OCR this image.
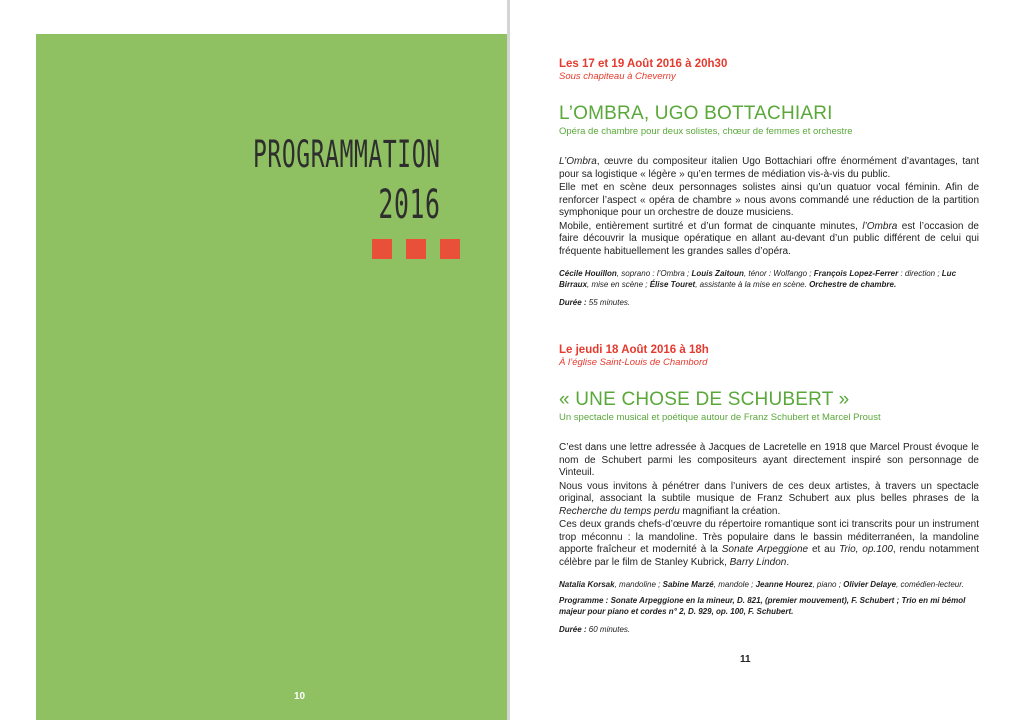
PROGRAMMATION
2016
10

Les 17 et 19 Août 2016 à 20h30

Sous chapiteau à Cheverny

L’OMBRA, UGO BOTTACHIARI

Opéra de chambre pour deux solistes, chœur de femmes et orchestre

L’Ombra, œuvre du compositeur italien Ugo Bottachiari offre énormément d’avantages, tant pour sa logistique « légère » qu’en termes de médiation vis-à-vis du public.

Elle met en scène deux personnages solistes ainsi qu’un quatuor vocal féminin. Afin de renforcer l’aspect « opéra de chambre » nous avons commandé une réduction de la partition symphonique pour un orchestre de douze musiciens.

Mobile, entièrement surtitré et d’un format de cinquante minutes, l’Ombra est l’occasion de faire découvrir la musique opératique en allant au-devant d’un public différent de celui qui fréquente habituellement les grandes salles d’opéra.

Cécile Houillon, soprano : l’Ombra ; Louis Zaitoun, ténor : Wolfango ; François Lopez-Ferrer : direction ; Luc Birraux, mise en scène ; Élise Touret, assistante à la mise en scène. Orchestre de chambre.

Durée : 55 minutes.

Le jeudi 18 Août 2016 à 18h

À l’église Saint-Louis de Chambord

« UNE CHOSE DE SCHUBERT »

Un spectacle musical et poétique autour de Franz Schubert et Marcel Proust

C’est dans une lettre adressée à Jacques de Lacretelle en 1918 que Marcel Proust évoque le nom de Schubert parmi les compositeurs ayant directement inspiré son personnage de Vinteuil.

Nous vous invitons à pénétrer dans l’univers de ces deux artistes, à travers un spectacle original, associant la subtile musique de Franz Schubert aux plus belles phrases de la Recherche du temps perdu magnifiant la création.

Ces deux grands chefs-d’œuvre du répertoire romantique sont ici transcrits pour un instrument trop méconnu : la mandoline. Très populaire dans le bassin méditerranéen, la mandoline apporte fraîcheur et modernité à la Sonate Arpeggione et au Trio, op.100, rendu notamment célèbre par le film de Stanley Kubrick, Barry Lindon.

Natalia Korsak, mandoline ; Sabine Marzé, mandole ; Jeanne Hourez, piano ; Olivier Delaye, comédien-lecteur.

Programme : Sonate Arpeggione en la mineur, D. 821, (premier mouvement), F. Schubert ; Trio en mi bémol majeur pour piano et cordes n° 2, D. 929, op. 100, F. Schubert.

Durée : 60 minutes.

11
